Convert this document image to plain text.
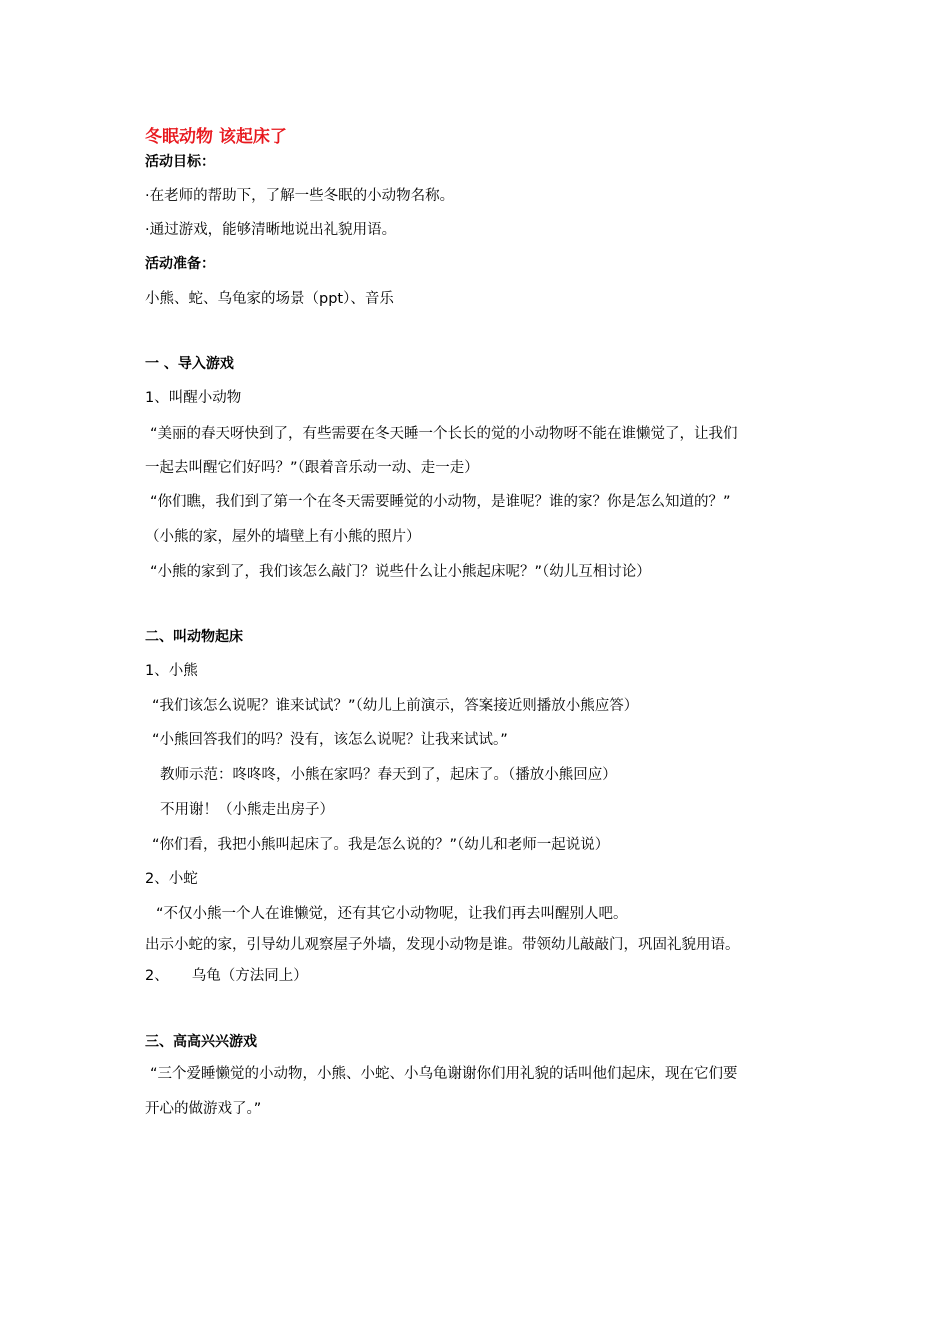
冬眠动物 该起床了
活动目标：
·在老师的帮助下，了解一些冬眠的小动物名称。
·通过游戏，能够清晰地说出礼貌用语。
活动准备：
小熊、蛇、乌龟家的场景（ppt）、音乐
一 、导入游戏
1、叫醒小动物
“美丽的春天呀快到了，有些需要在冬天睡一个长长的觉的小动物呀不能在谁懒觉了，让我们
一起去叫醒它们好吗？”（跟着音乐动一动、走一走）
“你们瞧，我们到了第一个在冬天需要睡觉的小动物，是谁呢？谁的家？你是怎么知道的？”
（小熊的家，屋外的墙壁上有小熊的照片）
“小熊的家到了，我们该怎么敲门？说些什么让小熊起床呢？”（幼儿互相讨论）
二、叫动物起床
1、小熊
“我们该怎么说呢？谁来试试？”（幼儿上前演示，答案接近则播放小熊应答）
“小熊回答我们的吗？没有，该怎么说呢？让我来试试。”
教师示范：咚咚咚，小熊在家吗？春天到了，起床了。（播放小熊回应）
不用谢！（小熊走出房子）
“你们看，我把小熊叫起床了。我是怎么说的？”（幼儿和老师一起说说）
2、小蛇
“不仅小熊一个人在谁懒觉，还有其它小动物呢，让我们再去叫醒别人吧。
出示小蛇的家，引导幼儿观察屋子外墙，发现小动物是谁。带领幼儿敲敲门，巩固礼貌用语。
2、     乌龟（方法同上）
三、高高兴兴游戏
“三个爱睡懒觉的小动物，小熊、小蛇、小乌龟谢谢你们用礼貌的话叫他们起床，现在它们要
开心的做游戏了。”
